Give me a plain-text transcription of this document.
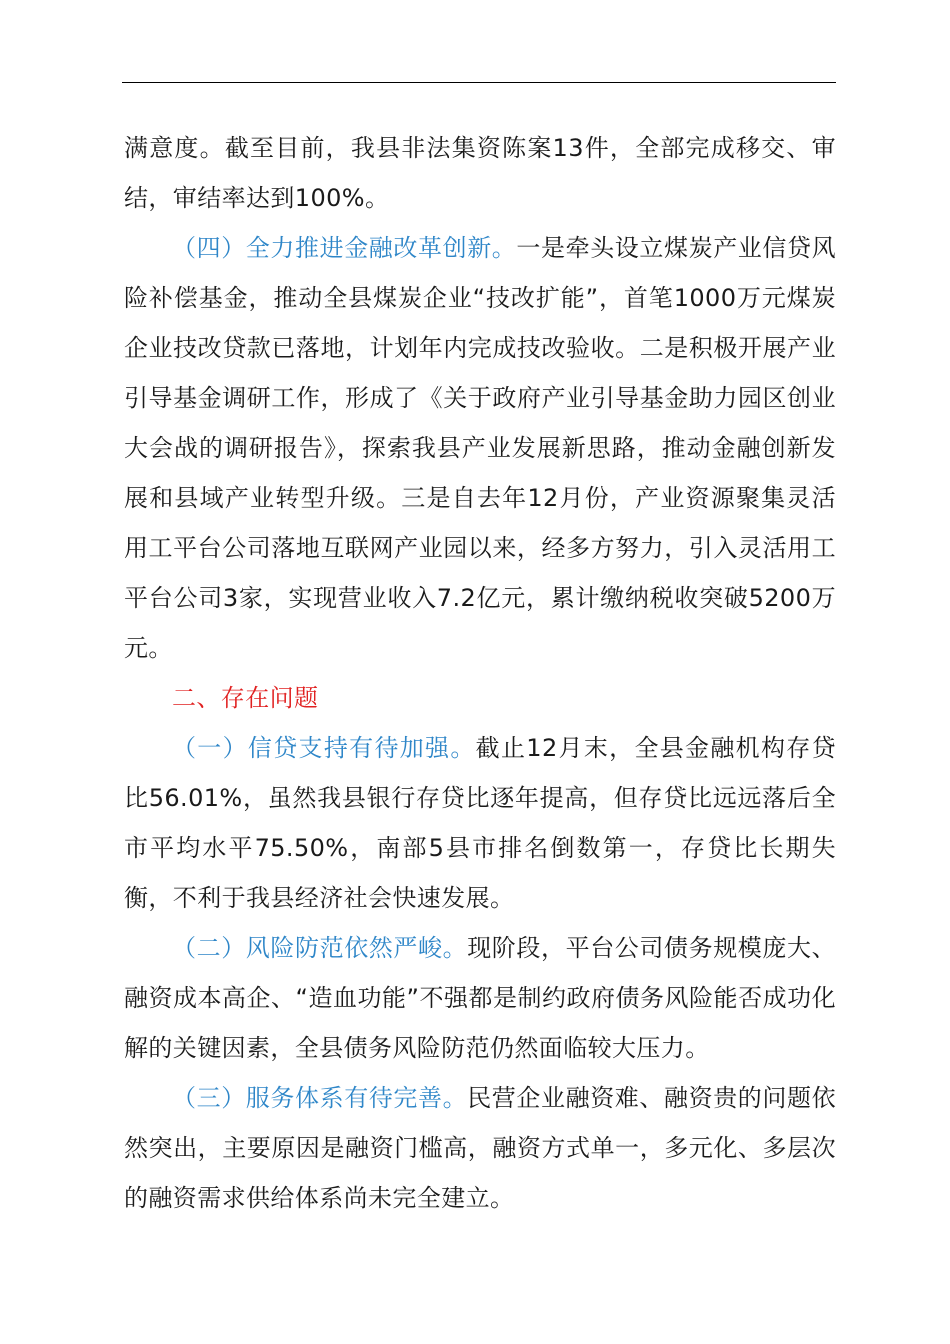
满意度。截至目前，我县非法集资陈案13件，全部完成移交、审结，审结率达到100%。

（四）全力推进金融改革创新。一是牵头设立煤炭产业信贷风险补偿基金，推动全县煤炭企业“技改扩能”，首笔1000万元煤炭企业技改贷款已落地，计划年内完成技改验收。二是积极开展产业引导基金调研工作，形成了《关于政府产业引导基金助力园区创业大会战的调研报告》，探索我县产业发展新思路，推动金融创新发展和县域产业转型升级。三是自去年12月份，产业资源聚集灵活用工平台公司落地互联网产业园以来，经多方努力，引入灵活用工平台公司3家，实现营业收入7.2亿元，累计缴纳税收突破5200万元。

二、存在问题

（一）信贷支持有待加强。截止12月末，全县金融机构存贷比56.01%，虽然我县银行存贷比逐年提高，但存贷比远远落后全市平均水平75.50%，南部5县市排名倒数第一，存贷比长期失衡，不利于我县经济社会快速发展。

（二）风险防范依然严峻。现阶段，平台公司债务规模庞大、融资成本高企、“造血功能”不强都是制约政府债务风险能否成功化解的关键因素，全县债务风险防范仍然面临较大压力。

（三）服务体系有待完善。民营企业融资难、融资贵的问题依然突出，主要原因是融资门槛高，融资方式单一，多元化、多层次的融资需求供给体系尚未完全建立。
